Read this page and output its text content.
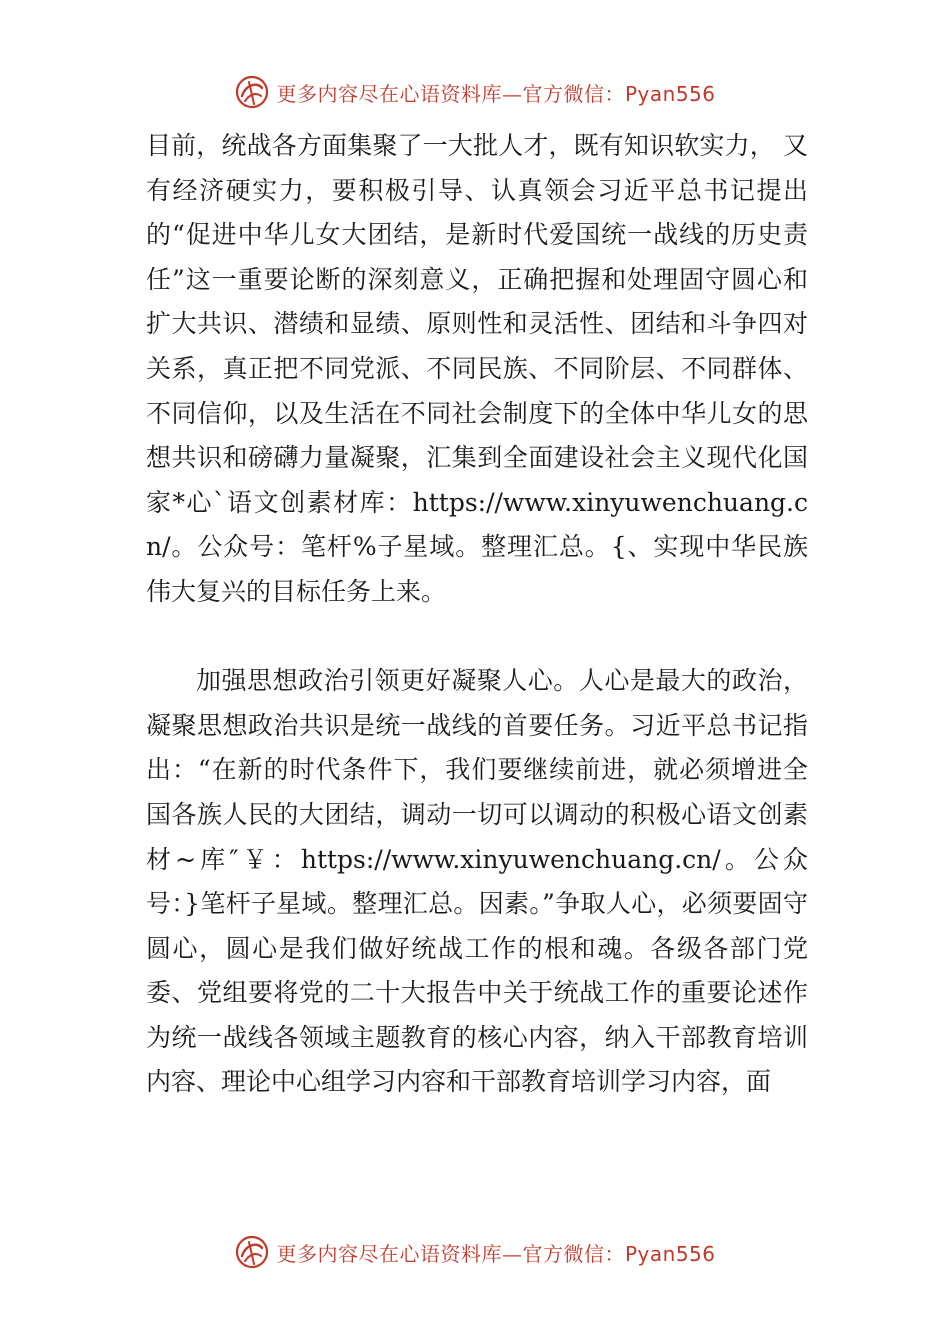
更多内容尽在心语资料库—官方微信：Pyan556

目前，统战各方面集聚了一大批人才，既有知识软实力， 又有经济硬实力，要积极引导、认真领会习近平总书记提出的“促进中华儿女大团结，是新时代爱国统一战线的历史责任”这一重要论断的深刻意义，正确把握和处理固守圆心和扩大共识、潜绩和显绩、原则性和灵活性、团结和斗争四对关系，真正把不同党派、不同民族、不同阶层、不同群体、不同信仰，以及生活在不同社会制度下的全体中华儿女的思想共识和磅礴力量凝聚，汇集到全面建设社会主义现代化国家*心`语文创素材库：https://www.xinyuwenchuang.cn/。公众号：笔杆%子星域。整理汇总。{、实现中华民族伟大复兴的目标任务上来。

加强思想政治引领更好凝聚人心。人心是最大的政治，凝聚思想政治共识是统一战线的首要任务。习近平总书记指出：“在新的时代条件下，我们要继续前进，就必须增进全国各族人民的大团结，调动一切可以调动的积极心语文创素材~库″￥：https://www.xinyuwenchuang.cn/。公众号：}笔杆子星域。整理汇总。因素。”争取人心，必须要固守圆心，圆心是我们做好统战工作的根和魂。各级各部门党委、党组要将党的二十大报告中关于统战工作的重要论述作为统一战线各领域主题教育的核心内容，纳入干部教育培训内容、理论中心组学习内容和干部教育培训学习内容，面

更多内容尽在心语资料库—官方微信：Pyan556
